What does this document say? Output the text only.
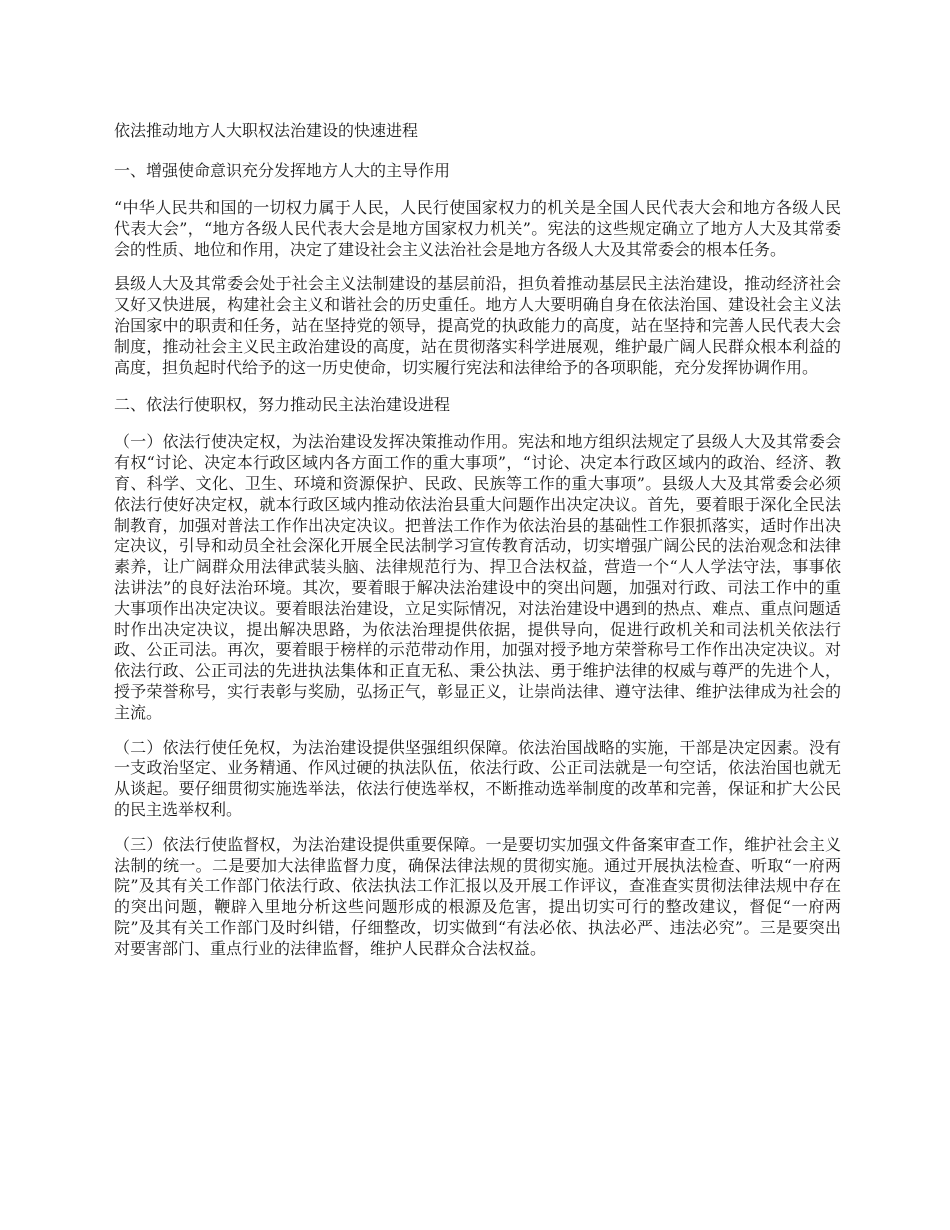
依法推动地方人大职权法治建设的快速进程
一、增强使命意识充分发挥地方人大的主导作用
“中华人民共和国的一切权力属于人民，人民行使国家权力的机关是全国人民代表大会和地方各级人民代表大会”，“地方各级人民代表大会是地方国家权力机关”。宪法的这些规定确立了地方人大及其常委会的性质、地位和作用，决定了建设社会主义法治社会是地方各级人大及其常委会的根本任务。
县级人大及其常委会处于社会主义法制建设的基层前沿，担负着推动基层民主法治建设，推动经济社会又好又快进展，构建社会主义和谐社会的历史重任。地方人大要明确自身在依法治国、建设社会主义法治国家中的职责和任务，站在坚持党的领导，提高党的执政能力的高度，站在坚持和完善人民代表大会制度，推动社会主义民主政治建设的高度，站在贯彻落实科学进展观，维护最广阔人民群众根本利益的高度，担负起时代给予的这一历史使命，切实履行宪法和法律给予的各项职能，充分发挥协调作用。
二、依法行使职权，努力推动民主法治建设进程
（一）依法行使决定权，为法治建设发挥决策推动作用。宪法和地方组织法规定了县级人大及其常委会有权“讨论、决定本行政区域内各方面工作的重大事项”，“讨论、决定本行政区域内的政治、经济、教育、科学、文化、卫生、环境和资源保护、民政、民族等工作的重大事项”。县级人大及其常委会必须依法行使好决定权，就本行政区域内推动依法治县重大问题作出决定决议。首先，要着眼于深化全民法制教育，加强对普法工作作出决定决议。把普法工作作为依法治县的基础性工作狠抓落实，适时作出决定决议，引导和动员全社会深化开展全民法制学习宣传教育活动，切实增强广阔公民的法治观念和法律素养，让广阔群众用法律武装头脑、法律规范行为、捍卫合法权益，营造一个“人人学法守法，事事依法讲法”的良好法治环境。其次，要着眼于解决法治建设中的突出问题，加强对行政、司法工作中的重大事项作出决定决议。要着眼法治建设，立足实际情况，对法治建设中遇到的热点、难点、重点问题适时作出决定决议，提出解决思路，为依法治理提供依据，提供导向，促进行政机关和司法机关依法行政、公正司法。再次，要着眼于榜样的示范带动作用，加强对授予地方荣誉称号工作作出决定决议。对依法行政、公正司法的先进执法集体和正直无私、秉公执法、勇于维护法律的权威与尊严的先进个人，授予荣誉称号，实行表彰与奖励，弘扬正气，彰显正义，让崇尚法律、遵守法律、维护法律成为社会的主流。
（二）依法行使任免权，为法治建设提供坚强组织保障。依法治国战略的实施，干部是决定因素。没有一支政治坚定、业务精通、作风过硬的执法队伍，依法行政、公正司法就是一句空话，依法治国也就无从谈起。要仔细贯彻实施选举法，依法行使选举权，不断推动选举制度的改革和完善，保证和扩大公民的民主选举权利。
（三）依法行使监督权，为法治建设提供重要保障。一是要切实加强文件备案审查工作，维护社会主义法制的统一。二是要加大法律监督力度，确保法律法规的贯彻实施。通过开展执法检查、听取“一府两院”及其有关工作部门依法行政、依法执法工作汇报以及开展工作评议，查准查实贯彻法律法规中存在的突出问题，鞭辟入里地分析这些问题形成的根源及危害，提出切实可行的整改建议，督促“一府两院”及其有关工作部门及时纠错，仔细整改，切实做到“有法必依、执法必严、违法必究”。三是要突出对要害部门、重点行业的法律监督，维护人民群众合法权益。
